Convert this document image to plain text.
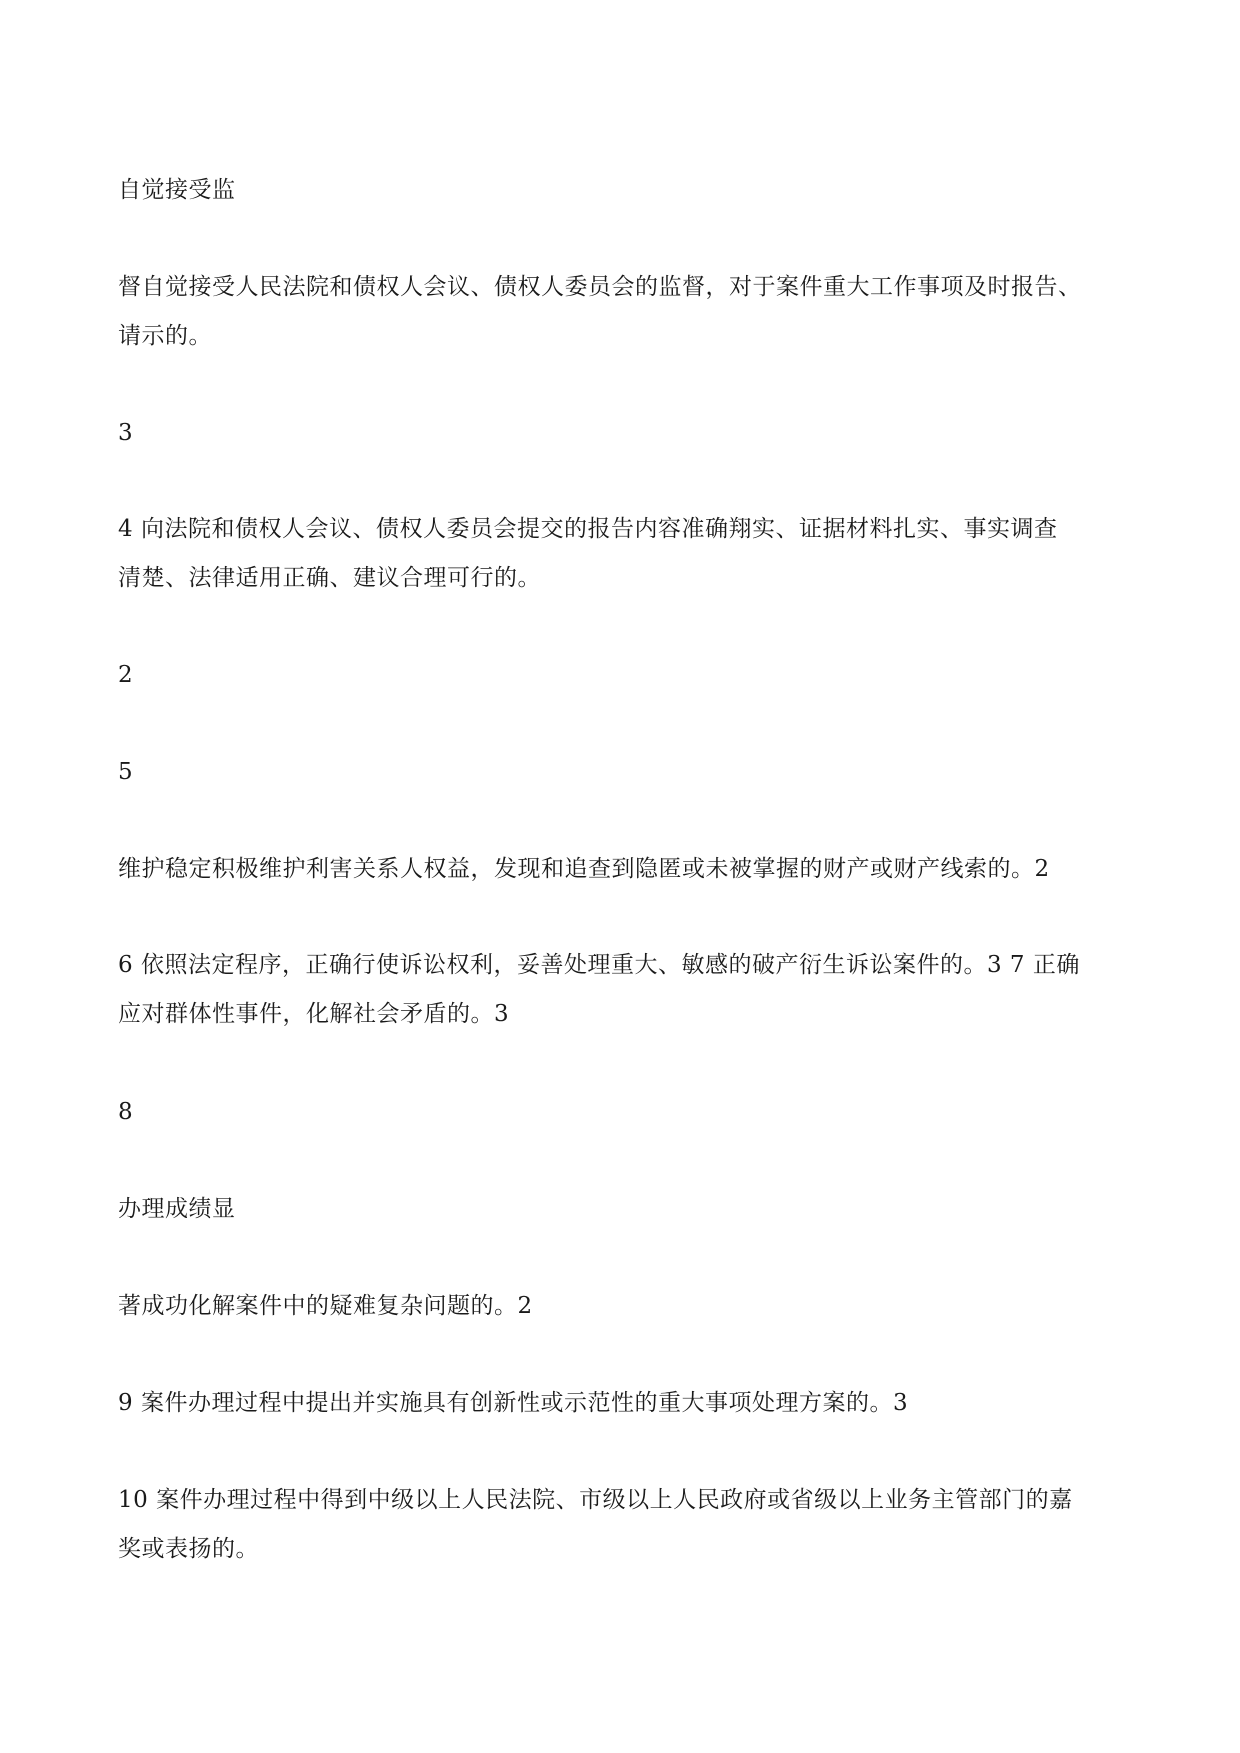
自觉接受监
督自觉接受人民法院和债权人会议、债权人委员会的监督，对于案件重大工作事项及时报告、
请示的。
3
4 向法院和债权人会议、债权人委员会提交的报告内容准确翔实、证据材料扎实、事实调查
清楚、法律适用正确、建议合理可行的。
2
5
维护稳定积极维护利害关系人权益，发现和追查到隐匿或未被掌握的财产或财产线索的。2
6 依照法定程序，正确行使诉讼权利，妥善处理重大、敏感的破产衍生诉讼案件的。3 7 正确
应对群体性事件，化解社会矛盾的。3
8
办理成绩显
著成功化解案件中的疑难复杂问题的。2
9 案件办理过程中提出并实施具有创新性或示范性的重大事项处理方案的。3
10 案件办理过程中得到中级以上人民法院、市级以上人民政府或省级以上业务主管部门的嘉
奖或表扬的。
